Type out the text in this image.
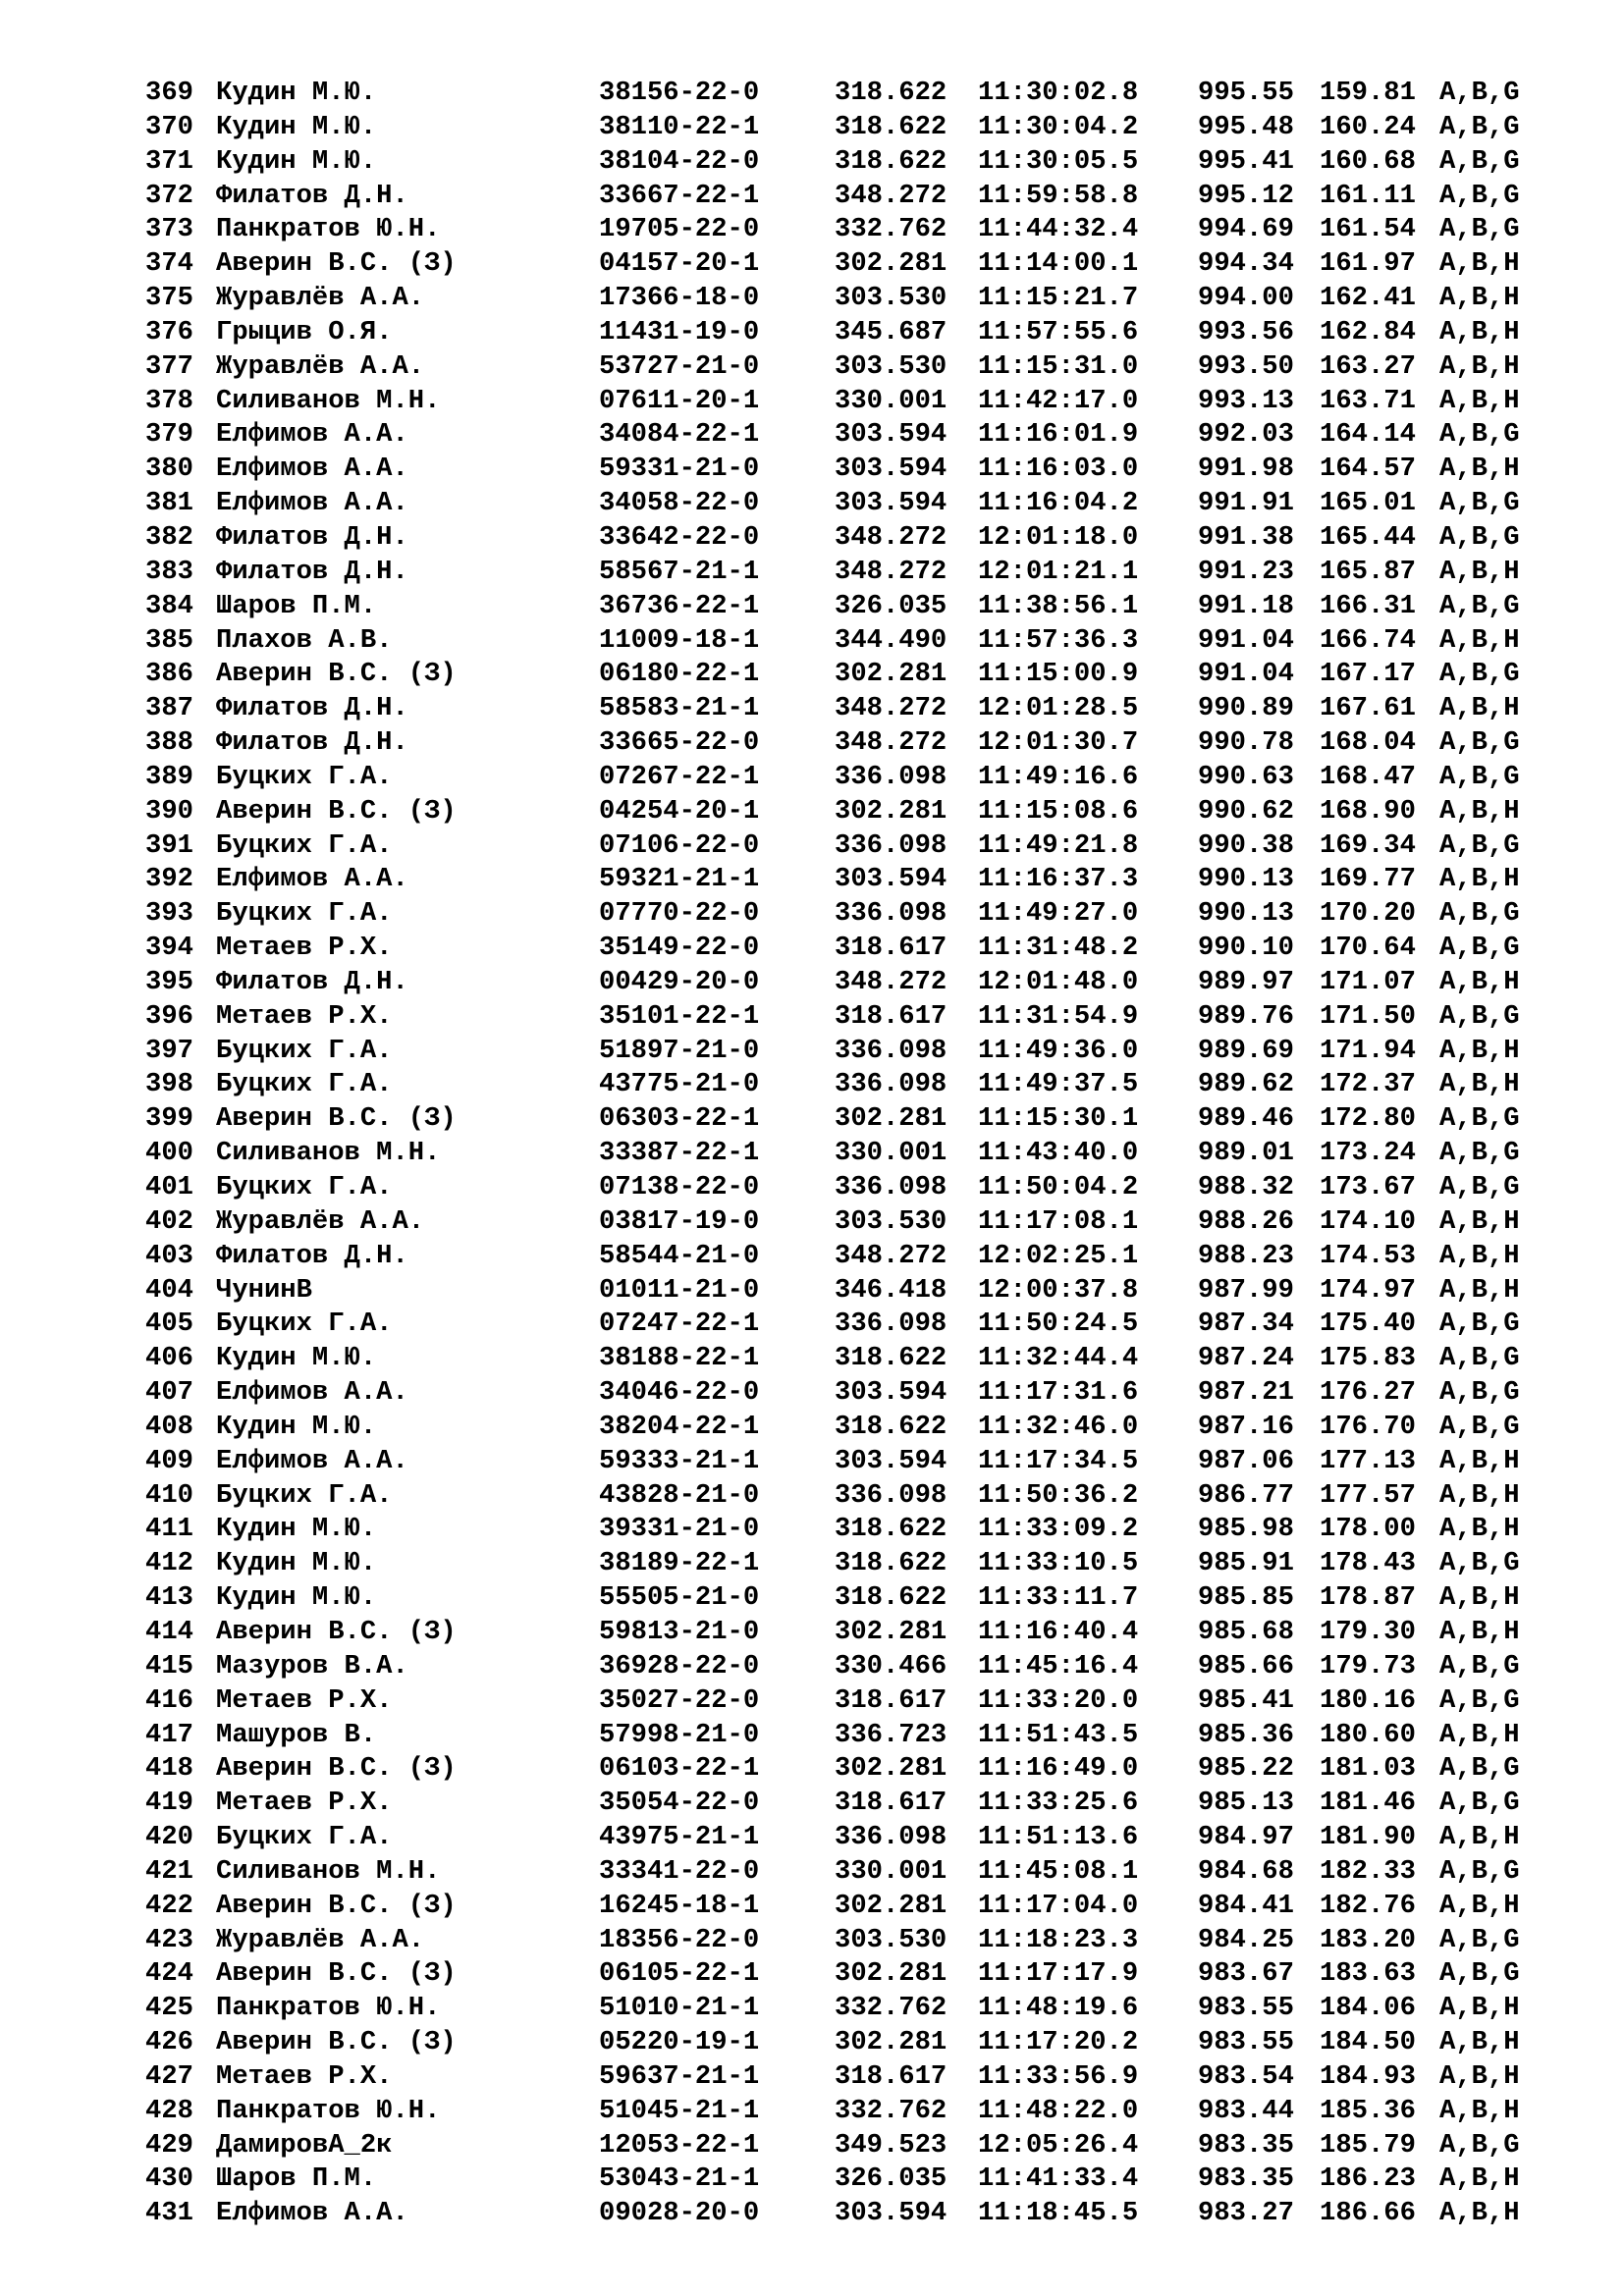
369 Кудин М.Ю.	38156-22-0	318.622 11:30:02.8 995.55 159.81 A,B,G
370 Кудин М.Ю.	38110-22-1	318.622 11:30:04.2 995.48 160.24 A,B,G
371 Кудин М.Ю.	38104-22-0	318.622 11:30:05.5 995.41 160.68 A,B,G
372 Филатов Д.Н.	33667-22-1	348.272 11:59:58.8 995.12 161.11 A,B,G
373 Панкратов Ю.Н.	19705-22-0	332.762 11:44:32.4 994.69 161.54 A,B,G
374 Аверин В.С. (З)	04157-20-1	302.281 11:14:00.1 994.34 161.97 A,B,H
375 Журавлёв А.А.	17366-18-0	303.530 11:15:21.7 994.00 162.41 A,B,H
376 Грыцив О.Я.	11431-19-0	345.687 11:57:55.6 993.56 162.84 A,B,H
377 Журавлёв А.А.	53727-21-0	303.530 11:15:31.0 993.50 163.27 A,B,H
378 Силиванов М.Н.	07611-20-1	330.001 11:42:17.0 993.13 163.71 A,B,H
379 Елфимов А.А.	34084-22-1	303.594 11:16:01.9 992.03 164.14 A,B,G
380 Елфимов А.А.	59331-21-0	303.594 11:16:03.0 991.98 164.57 A,B,H
381 Елфимов А.А.	34058-22-0	303.594 11:16:04.2 991.91 165.01 A,B,G
382 Филатов Д.Н.	33642-22-0	348.272 12:01:18.0 991.38 165.44 A,B,G
383 Филатов Д.Н.	58567-21-1	348.272 12:01:21.1 991.23 165.87 A,B,H
384 Шаров П.М.	36736-22-1	326.035 11:38:56.1 991.18 166.31 A,B,G
385 Плахов А.В.	11009-18-1	344.490 11:57:36.3 991.04 166.74 A,B,H
386 Аверин В.С. (З)	06180-22-1	302.281 11:15:00.9 991.04 167.17 A,B,G
387 Филатов Д.Н.	58583-21-1	348.272 12:01:28.5 990.89 167.61 A,B,H
388 Филатов Д.Н.	33665-22-0	348.272 12:01:30.7 990.78 168.04 A,B,G
389 Буцких Г.А.	07267-22-1	336.098 11:49:16.6 990.63 168.47 A,B,G
390 Аверин В.С. (З)	04254-20-1	302.281 11:15:08.6 990.62 168.90 A,B,H
391 Буцких Г.А.	07106-22-0	336.098 11:49:21.8 990.38 169.34 A,B,G
392 Елфимов А.А.	59321-21-1	303.594 11:16:37.3 990.13 169.77 A,B,H
393 Буцких Г.А.	07770-22-0	336.098 11:49:27.0 990.13 170.20 A,B,G
394 Метаев Р.Х.	35149-22-0	318.617 11:31:48.2 990.10 170.64 A,B,G
395 Филатов Д.Н.	00429-20-0	348.272 12:01:48.0 989.97 171.07 A,B,H
396 Метаев Р.Х.	35101-22-1	318.617 11:31:54.9 989.76 171.50 A,B,G
397 Буцких Г.А.	51897-21-0	336.098 11:49:36.0 989.69 171.94 A,B,H
398 Буцких Г.А.	43775-21-0	336.098 11:49:37.5 989.62 172.37 A,B,H
399 Аверин В.С. (З)	06303-22-1	302.281 11:15:30.1 989.46 172.80 A,B,G
400 Силиванов М.Н.	33387-22-1	330.001 11:43:40.0 989.01 173.24 A,B,G
401 Буцких Г.А.	07138-22-0	336.098 11:50:04.2 988.32 173.67 A,B,G
402 Журавлёв А.А.	03817-19-0	303.530 11:17:08.1 988.26 174.10 A,B,H
403 Филатов Д.Н.	58544-21-0	348.272 12:02:25.1 988.23 174.53 A,B,H
404 ЧунинВ	01011-21-0	346.418 12:00:37.8 987.99 174.97 A,B,H
405 Буцких Г.А.	07247-22-1	336.098 11:50:24.5 987.34 175.40 A,B,G
406 Кудин М.Ю.	38188-22-1	318.622 11:32:44.4 987.24 175.83 A,B,G
407 Елфимов А.А.	34046-22-0	303.594 11:17:31.6 987.21 176.27 A,B,G
408 Кудин М.Ю.	38204-22-1	318.622 11:32:46.0 987.16 176.70 A,B,G
409 Елфимов А.А.	59333-21-1	303.594 11:17:34.5 987.06 177.13 A,B,H
410 Буцких Г.А.	43828-21-0	336.098 11:50:36.2 986.77 177.57 A,B,H
411 Кудин М.Ю.	39331-21-0	318.622 11:33:09.2 985.98 178.00 A,B,H
412 Кудин М.Ю.	38189-22-1	318.622 11:33:10.5 985.91 178.43 A,B,G
413 Кудин М.Ю.	55505-21-0	318.622 11:33:11.7 985.85 178.87 A,B,H
414 Аверин В.С. (З)	59813-21-0	302.281 11:16:40.4 985.68 179.30 A,B,H
415 Мазуров В.А.	36928-22-0	330.466 11:45:16.4 985.66 179.73 A,B,G
416 Метаев Р.Х.	35027-22-0	318.617 11:33:20.0 985.41 180.16 A,B,G
417 Машуров В.	57998-21-0	336.723 11:51:43.5 985.36 180.60 A,B,H
418 Аверин В.С. (З)	06103-22-1	302.281 11:16:49.0 985.22 181.03 A,B,G
419 Метаев Р.Х.	35054-22-0	318.617 11:33:25.6 985.13 181.46 A,B,G
420 Буцких Г.А.	43975-21-1	336.098 11:51:13.6 984.97 181.90 A,B,H
421 Силиванов М.Н.	33341-22-0	330.001 11:45:08.1 984.68 182.33 A,B,G
422 Аверин В.С. (З)	16245-18-1	302.281 11:17:04.0 984.41 182.76 A,B,H
423 Журавлёв А.А.	18356-22-0	303.530 11:18:23.3 984.25 183.20 A,B,G
424 Аверин В.С. (З)	06105-22-1	302.281 11:17:17.9 983.67 183.63 A,B,G
425 Панкратов Ю.Н.	51010-21-1	332.762 11:48:19.6 983.55 184.06 A,B,H
426 Аверин В.С. (З)	05220-19-1	302.281 11:17:20.2 983.55 184.50 A,B,H
427 Метаев Р.Х.	59637-21-1	318.617 11:33:56.9 983.54 184.93 A,B,H
428 Панкратов Ю.Н.	51045-21-1	332.762 11:48:22.0 983.44 185.36 A,B,H
429 ДамировА_2к	12053-22-1	349.523 12:05:26.4 983.35 185.79 A,B,G
430 Шаров П.М.	53043-21-1	326.035 11:41:33.4 983.35 186.23 A,B,H
431 Елфимов А.А.	09028-20-0	303.594 11:18:45.5 983.27 186.66 A,B,H
